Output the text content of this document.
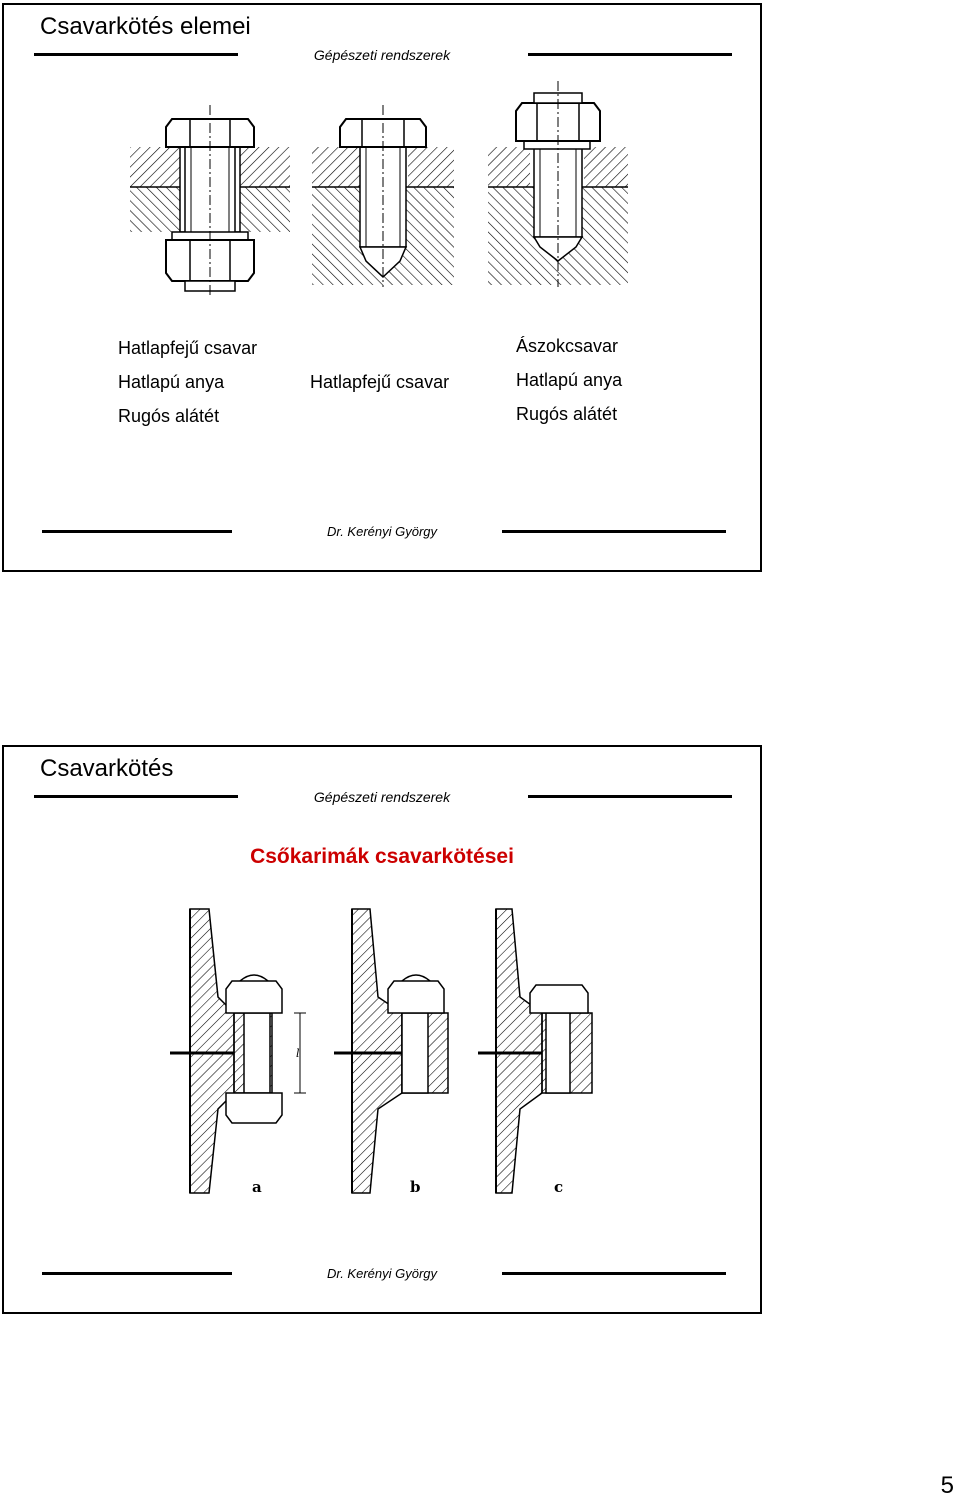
Csavarkötés elemei
Gépészeti rendszerek
Hatlapfejű csavar
Hatlapú anya
Rugós alátét
Hatlapfejű csavar
Ászokcsavar
Hatlapú anya
Rugós alátét
Dr. Kerényi György
Csavarkötés
Gépészeti rendszerek
Csőkarimák csavarkötései
l
a	b	c
Dr. Kerényi György
5
